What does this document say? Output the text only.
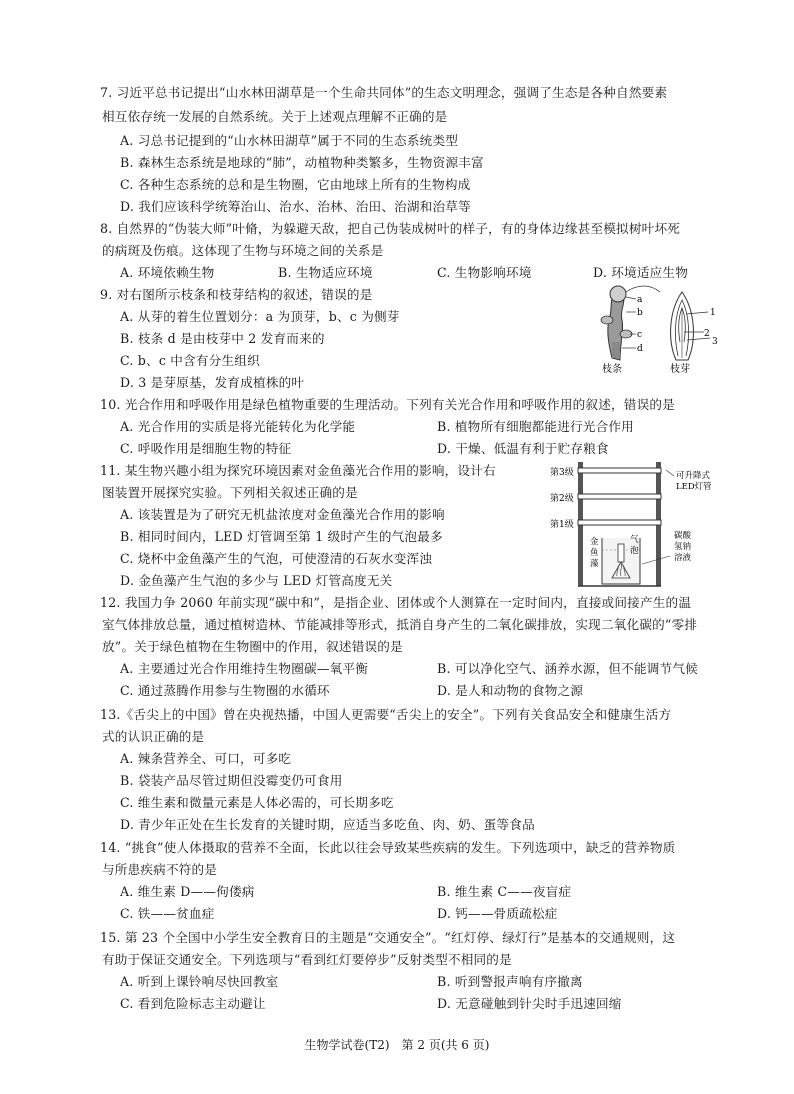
7. 习近平总书记提出“山水林田湖草是一个生命共同体”的生态文明理念，强调了生态是各种自然要素
相互依存统一发展的自然系统。关于上述观点理解不正确的是
A. 习总书记提到的“山水林田湖草”属于不同的生态系统类型
B. 森林生态系统是地球的“肺”，动植物种类繁多，生物资源丰富
C. 各种生态系统的总和是生物圈，它由地球上所有的生物构成
D. 我们应该科学统筹治山、治水、治林、治田、治湖和治草等
8. 自然界的“伪装大师”叶脩，为躲避天敌，把自己伪装成树叶的样子，有的身体边缘甚至模拟树叶坏死
的病斑及伤痕。这体现了生物与环境之间的关系是
A. 环境依赖生物	B. 生物适应环境	C. 生物影响环境	D. 环境适应生物
9. 对右图所示枝条和枝芽结构的叙述，错误的是
A. 从芽的着生位置划分：a 为顶芽，b、c 为侧芽
B. 枝条 d 是由枝芽中 2 发育而来的
C. b、c 中含有分生组织
D. 3 是芽原基，发育成植株的叶
a
b
c
d
1
2
3
枝条	枝芽
10. 光合作用和呼吸作用是绿色植物重要的生理活动。下列有关光合作用和呼吸作用的叙述，错误的是
A. 光合作用的实质是将光能转化为化学能	B. 植物所有细胞都能进行光合作用
C. 呼吸作用是细胞生物的特征	D. 干燥、低温有利于贮存粮食
11. 某生物兴趣小组为探究环境因素对金鱼藻光合作用的影响，设计右
图装置开展探究实验。下列相关叙述正确的是
A. 该装置是为了研究无机盐浓度对金鱼藻光合作用的影响
B. 相同时间内，LED 灯管调至第 1 级时产生的气泡最多
C. 烧杯中金鱼藻产生的气泡，可使澄清的石灰水变浑浊
D. 金鱼藻产生气泡的多少与 LED 灯管高度无关
第3级
第2级
第1级
可升降式
LED灯管
碳酸
氢钠
溶液
金
鱼
藻
气
泡
12. 我国力争 2060 年前实现“碳中和”，是指企业、团体或个人测算在一定时间内，直接或间接产生的温
室气体排放总量，通过植树造林、节能减排等形式，抵消自身产生的二氧化碳排放，实现二氧化碳的“零排
放”。关于绿色植物在生物圈中的作用，叙述错误的是
A. 主要通过光合作用维持生物圈碳—氧平衡	B. 可以净化空气、涵养水源，但不能调节气候
C. 通过蒸腾作用参与生物圈的水循环	D. 是人和动物的食物之源
13.《舌尖上的中国》曾在央视热播，中国人更需要“舌尖上的安全”。下列有关食品安全和健康生活方
式的认识正确的是
A. 辣条营养全、可口，可多吃
B. 袋装产品尽管过期但没霉变仍可食用
C. 维生素和微量元素是人体必需的，可长期多吃
D. 青少年正处在生长发育的关键时期，应适当多吃鱼、肉、奶、蛋等食品
14. “挑食”使人体摄取的营养不全面，长此以往会导致某些疾病的发生。下列选项中，缺乏的营养物质
与所患疾病不符的是
A. 维生素 D——佝偻病	B. 维生素 C——夜盲症
C. 铁——贫血症	D. 钙——骨质疏松症
15. 第 23 个全国中小学生安全教育日的主题是“交通安全”。“红灯停、绿灯行”是基本的交通规则，这
有助于保证交通安全。下列选项与“看到红灯要停步”反射类型不相同的是
A. 听到上课铃响尽快回教室	B. 听到警报声响有序撤离
C. 看到危险标志主动避让	D. 无意碰触到针尖时手迅速回缩
生物学试卷(T2)　第 2 页(共 6 页)
